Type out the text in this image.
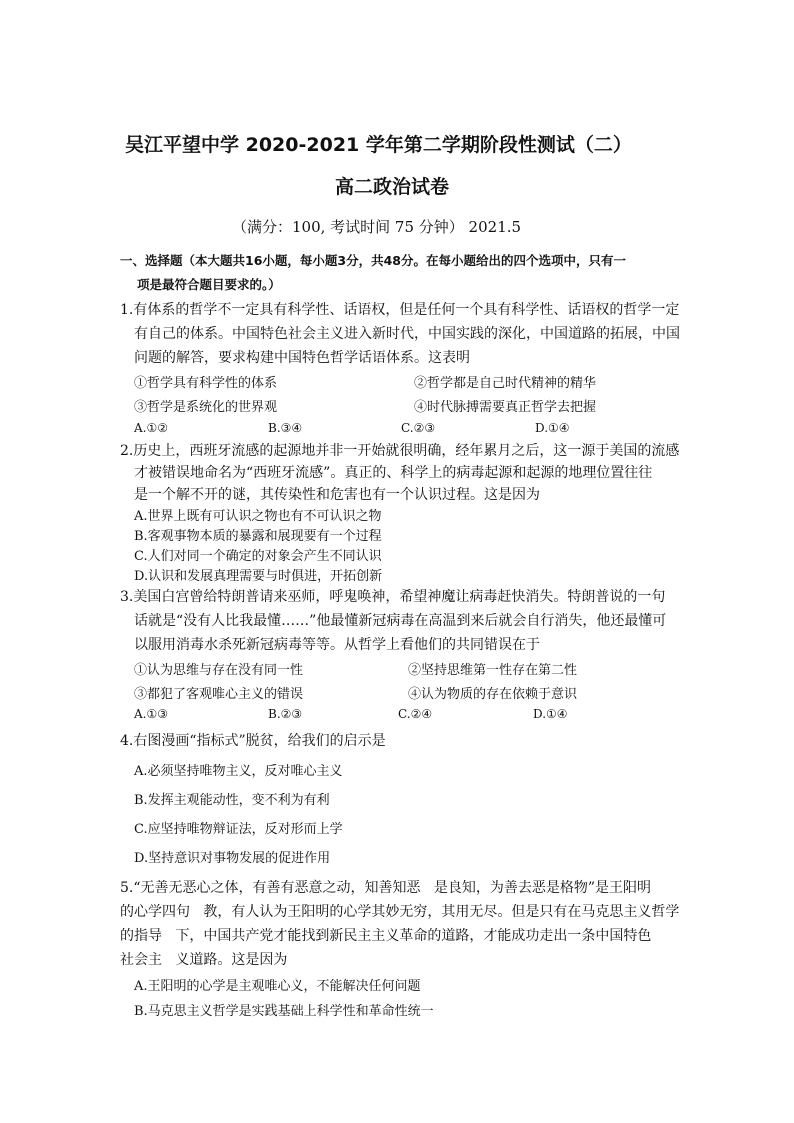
吴江平望中学 2020-2021 学年第二学期阶段性测试（二）
高二政治试卷
（满分：100, 考试时间 75 分钟） 2021.5
一、选择题（本大题共16小题，每小题3分，共48分。在每小题给出的四个选项中，只有一
项是最符合题目要求的。）
1.有体系的哲学不一定具有科学性、话语权，但是任何一个具有科学性、话语权的哲学一定
有自己的体系。中国特色社会主义进入新时代，中国实践的深化，中国道路的拓展，中国
问题的解答，要求构建中国特色哲学话语体系。这表明
①哲学具有科学性的体系	②哲学都是自己时代精神的精华
③哲学是系统化的世界观	④时代脉搏需要真正哲学去把握
A.①②	B.③④	C.②③	D.①④
2.历史上，西班牙流感的起源地并非一开始就很明确，经年累月之后，这一源于美国的流感
才被错误地命名为“西班牙流感”。真正的、科学上的病毒起源和起源的地理位置往往
是一个解不开的谜，其传染性和危害也有一个认识过程。这是因为
A.世界上既有可认识之物也有不可认识之物
B.客观事物本质的暴露和展现要有一个过程
C.人们对同一个确定的对象会产生不同认识
D.认识和发展真理需要与时俱进，开拓创新
3.美国白宫曾给特朗普请来巫师，呼鬼唤神，希望神魔让病毒赶快消失。特朗普说的一句
话就是“没有人比我最懂……”他最懂新冠病毒在高温到来后就会自行消失，他还最懂可
以服用消毒水杀死新冠病毒等等。从哲学上看他们的共同错误在于
①认为思维与存在没有同一性	②坚持思维第一性存在第二性
③都犯了客观唯心主义的错误	④认为物质的存在依赖于意识
A.①③	B.②③	C.②④	D.①④
4.右图漫画“指标式”脱贫，给我们的启示是
A.必须坚持唯物主义，反对唯心主义
B.发挥主观能动性，变不利为有利
C.应坚持唯物辩证法，反对形而上学
D.坚持意识对事物发展的促进作用
5.“无善无恶心之体，有善有恶意之动，知善知恶   是良知，为善去恶是格物”是王阳明
的心学四句   教，有人认为王阳明的心学其妙无穷，其用无尽。但是只有在马克思主义哲学
的指导   下，中国共产党才能找到新民主主义革命的道路，才能成功走出一条中国特色
社会主   义道路。这是因为
A.王阳明的心学是主观唯心义，不能解决任何问题
B.马克思主义哲学是实践基础上科学性和革命性统一
